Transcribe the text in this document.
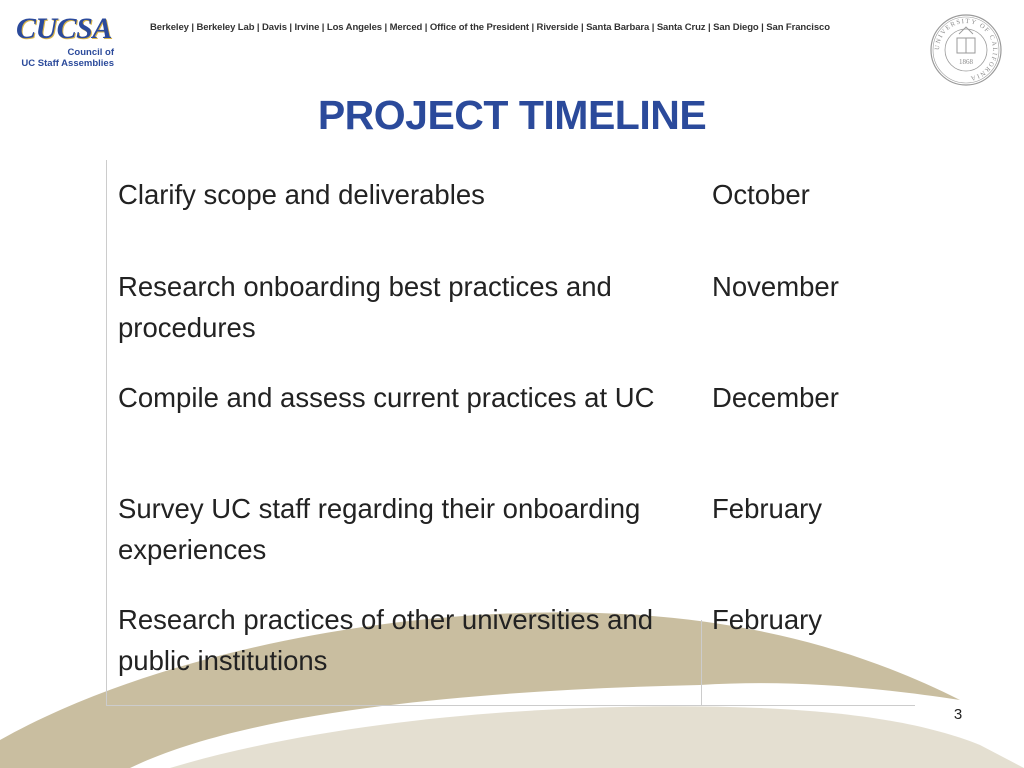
CUCSA
Council of
UC Staff Assemblies
Berkeley | Berkeley Lab | Davis | Irvine | Los Angeles | Merced | Office of the President | Riverside | Santa Barbara | Santa Cruz | San Diego | San Francisco
UNIVERSITY OF CALIFORNIA
1868
PROJECT TIMELINE
Clarify scope and deliverables	October
Research onboarding best practices and procedures
November
Compile and assess current practices at UC	December
Survey UC staff regarding their onboarding experiences
February
Research practices of other universities and public institutions
February
3
